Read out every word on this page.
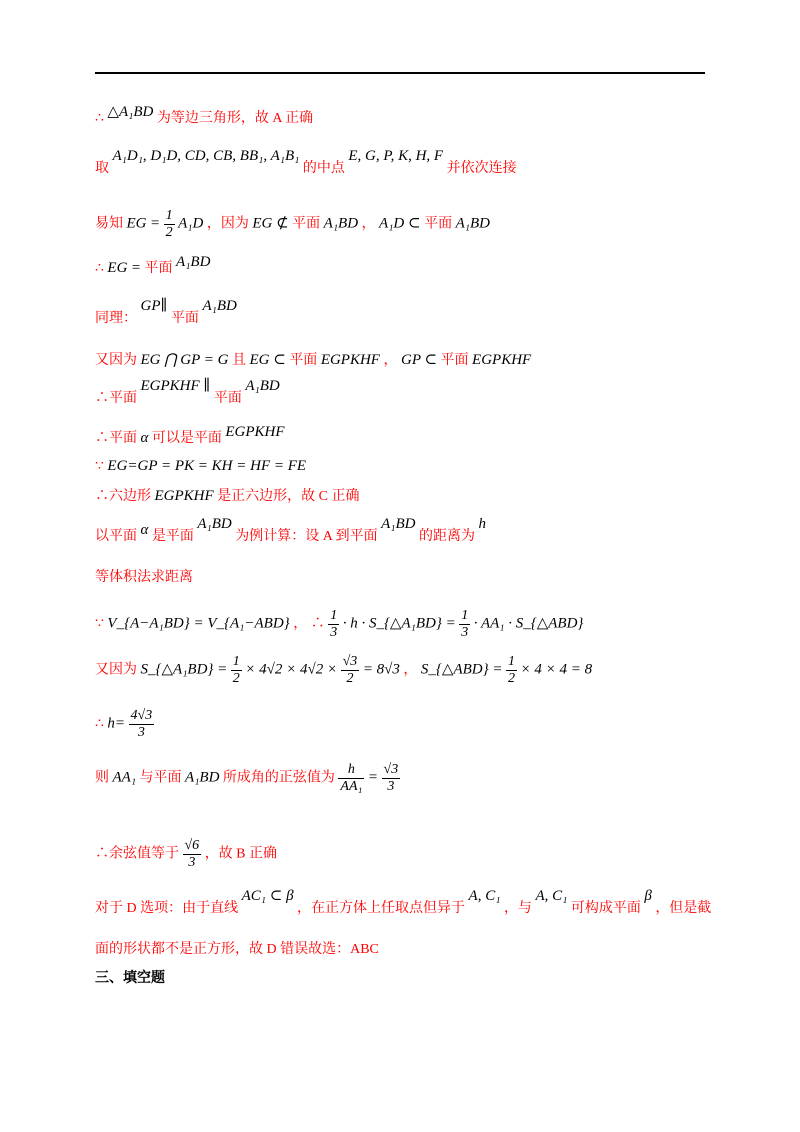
∴ △A₁BD 为等边三角形，故 A 正确
取 A₁D₁, D₁D, CD, CB, BB₁, A₁B₁ 的中点 E, G, P, K, H, F 并依次连接
易知 EG = $\frac{1}{2} A_1D$ ，因为 EG ⊄ 平面 A₁BD ， A₁D ⊂ 平面 A₁BD
∴ EG = 平面 A₁BD
同理： GP∥ 平面 A₁BD
又因为 EG ⋂ GP = G 且 EG ⊂ 平面 EGPKHF ， GP ⊂ 平面 EGPKHF
∴平面 EGPKHF ∥ 平面 A₁BD
∴平面 α 可以是平面 EGPKHF
∵ EG=GP = PK = KH = HF = FE
∴六边形 EGPKHF 是正六边形，故 C 正确
以平面 α 是平面 A₁BD 为例计算：设 A 到平面 A₁BD 的距离为 h
等体积法求距离
∵ V_{A−A₁BD} = V_{A₁−ABD} ， ∴ $\frac{1}{3} \cdot h$ · S_{△A₁BD} = $\frac{1}{3} \cdot AA_1$ · S_{△ABD}
又因为 S_{△A₁BD} = $\frac{1}{2} \times 4√2 \times 4√2 \times \frac{√3}{2} = 8√3$ ， S_{△ABD} = $\frac{1}{2} \times 4 \times 4 = 8$
∴ $h= \frac{4√3}{3}$
则 AA₁ 与平面 A₁BD 所成角的正弦值为 $\frac{h}{\text{AA₁}} = \frac{√3}{3}$
∴余弦值等于 $\frac{√6}{3}$ ，故 B 正确
对于 D 选项：由于直线 AC₁ ⊂ β ，在正方体上任取点但异于 A, C₁ ，与 A, C₁ 可构成平面 β ，但是截
面的形状都不是正方形，故 D 错误故选：ABC
三、填空题
